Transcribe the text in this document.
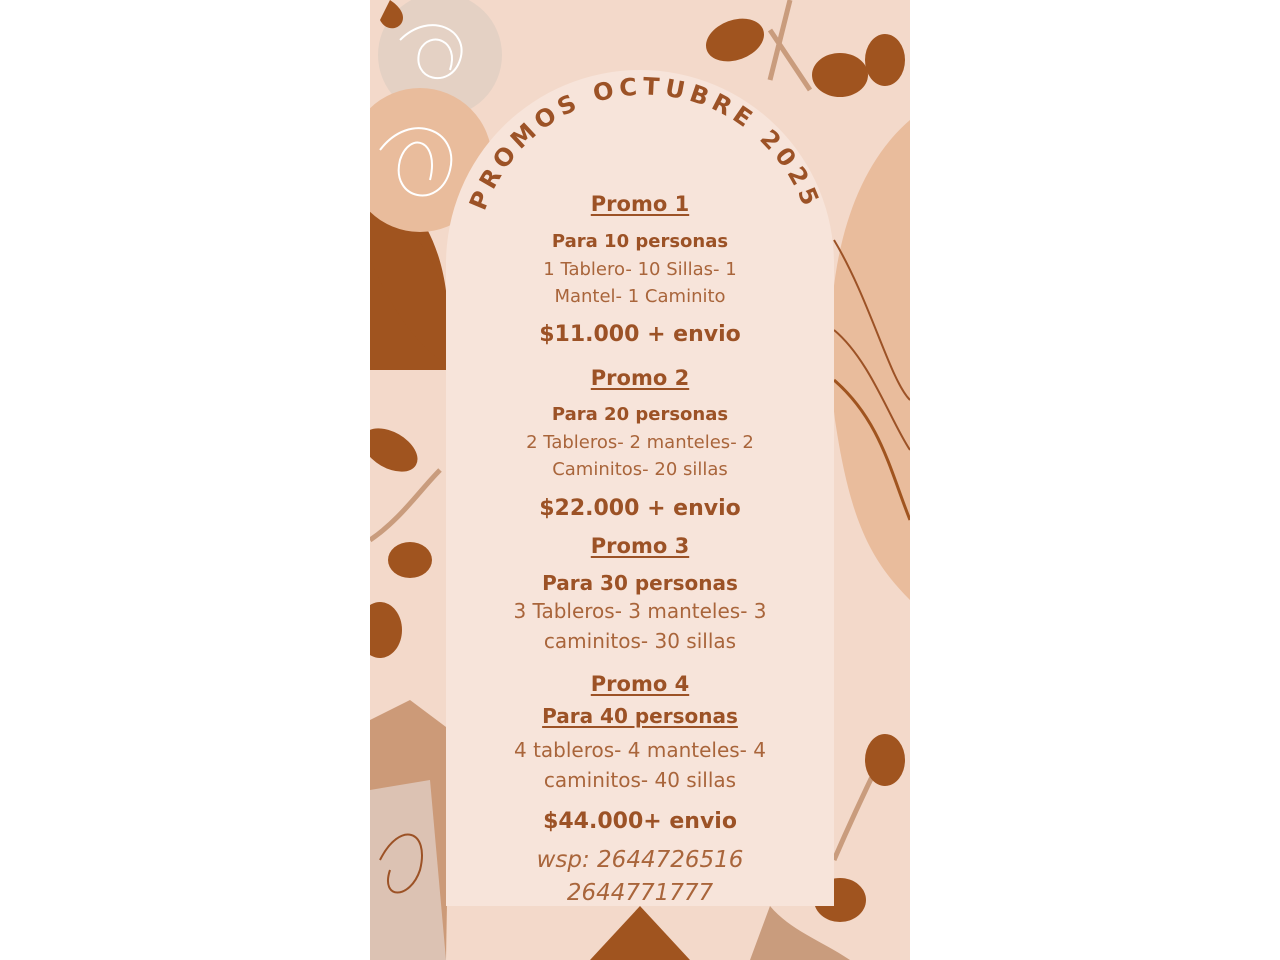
PROMOS OCTUBRE 2025

Promo 1

Para 10 personas

1 Tablero- 10 Sillas- 1
Mantel- 1 Caminito

$11.000 + envio

Promo 2

Para 20 personas

2 Tableros- 2 manteles- 2
Caminitos- 20 sillas

$22.000 + envio

Promo 3

Para 30 personas

3 Tableros- 3 manteles- 3
caminitos- 30 sillas

Promo 4

Para 40 personas

4 tableros- 4 manteles- 4
caminitos- 40 sillas

$44.000+ envio

wsp: 2644726516
2644771777
